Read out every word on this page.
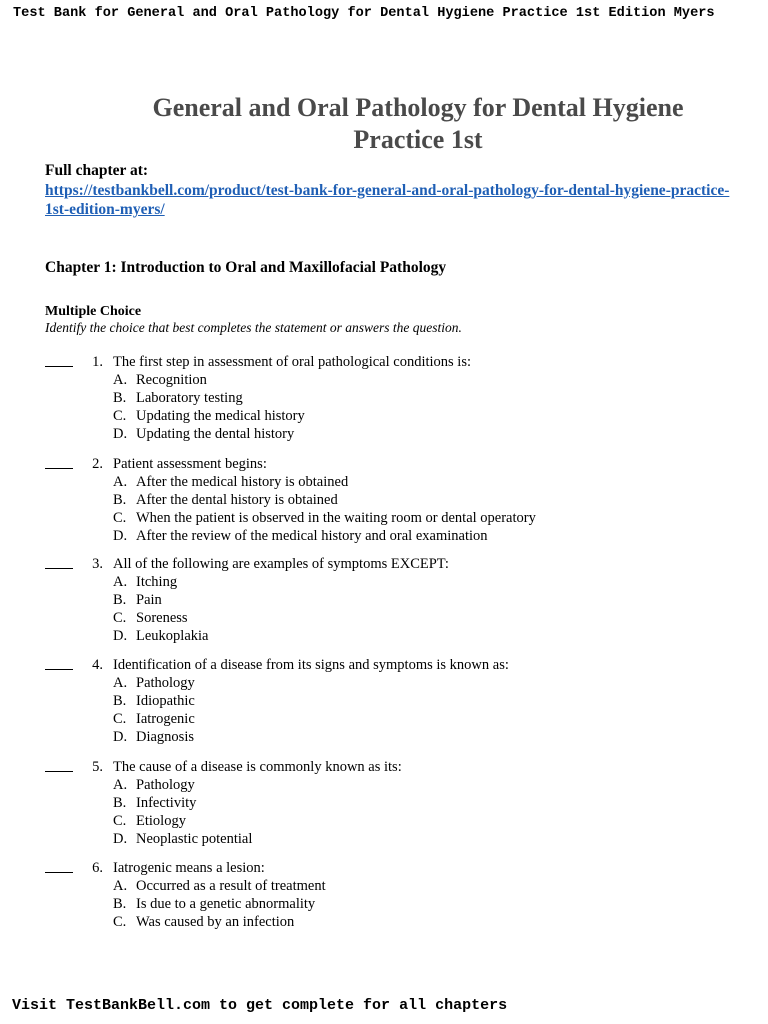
Test Bank for General and Oral Pathology for Dental Hygiene Practice 1st Edition Myers
General and Oral Pathology for Dental Hygiene Practice 1st
Full chapter at:
https://testbankbell.com/product/test-bank-for-general-and-oral-pathology-for-dental-hygiene-practice-1st-edition-myers/
Chapter 1: Introduction to Oral and Maxillofacial Pathology
Multiple Choice
Identify the choice that best completes the statement or answers the question.
1. The first step in assessment of oral pathological conditions is:
A. Recognition
B. Laboratory testing
C. Updating the medical history
D. Updating the dental history
2. Patient assessment begins:
A. After the medical history is obtained
B. After the dental history is obtained
C. When the patient is observed in the waiting room or dental operatory
D. After the review of the medical history and oral examination
3. All of the following are examples of symptoms EXCEPT:
A. Itching
B. Pain
C. Soreness
D. Leukoplakia
4. Identification of a disease from its signs and symptoms is known as:
A. Pathology
B. Idiopathic
C. Iatrogenic
D. Diagnosis
5. The cause of a disease is commonly known as its:
A. Pathology
B. Infectivity
C. Etiology
D. Neoplastic potential
6. Iatrogenic means a lesion:
A. Occurred as a result of treatment
B. Is due to a genetic abnormality
C. Was caused by an infection
Visit TestBankBell.com to get complete for all chapters
